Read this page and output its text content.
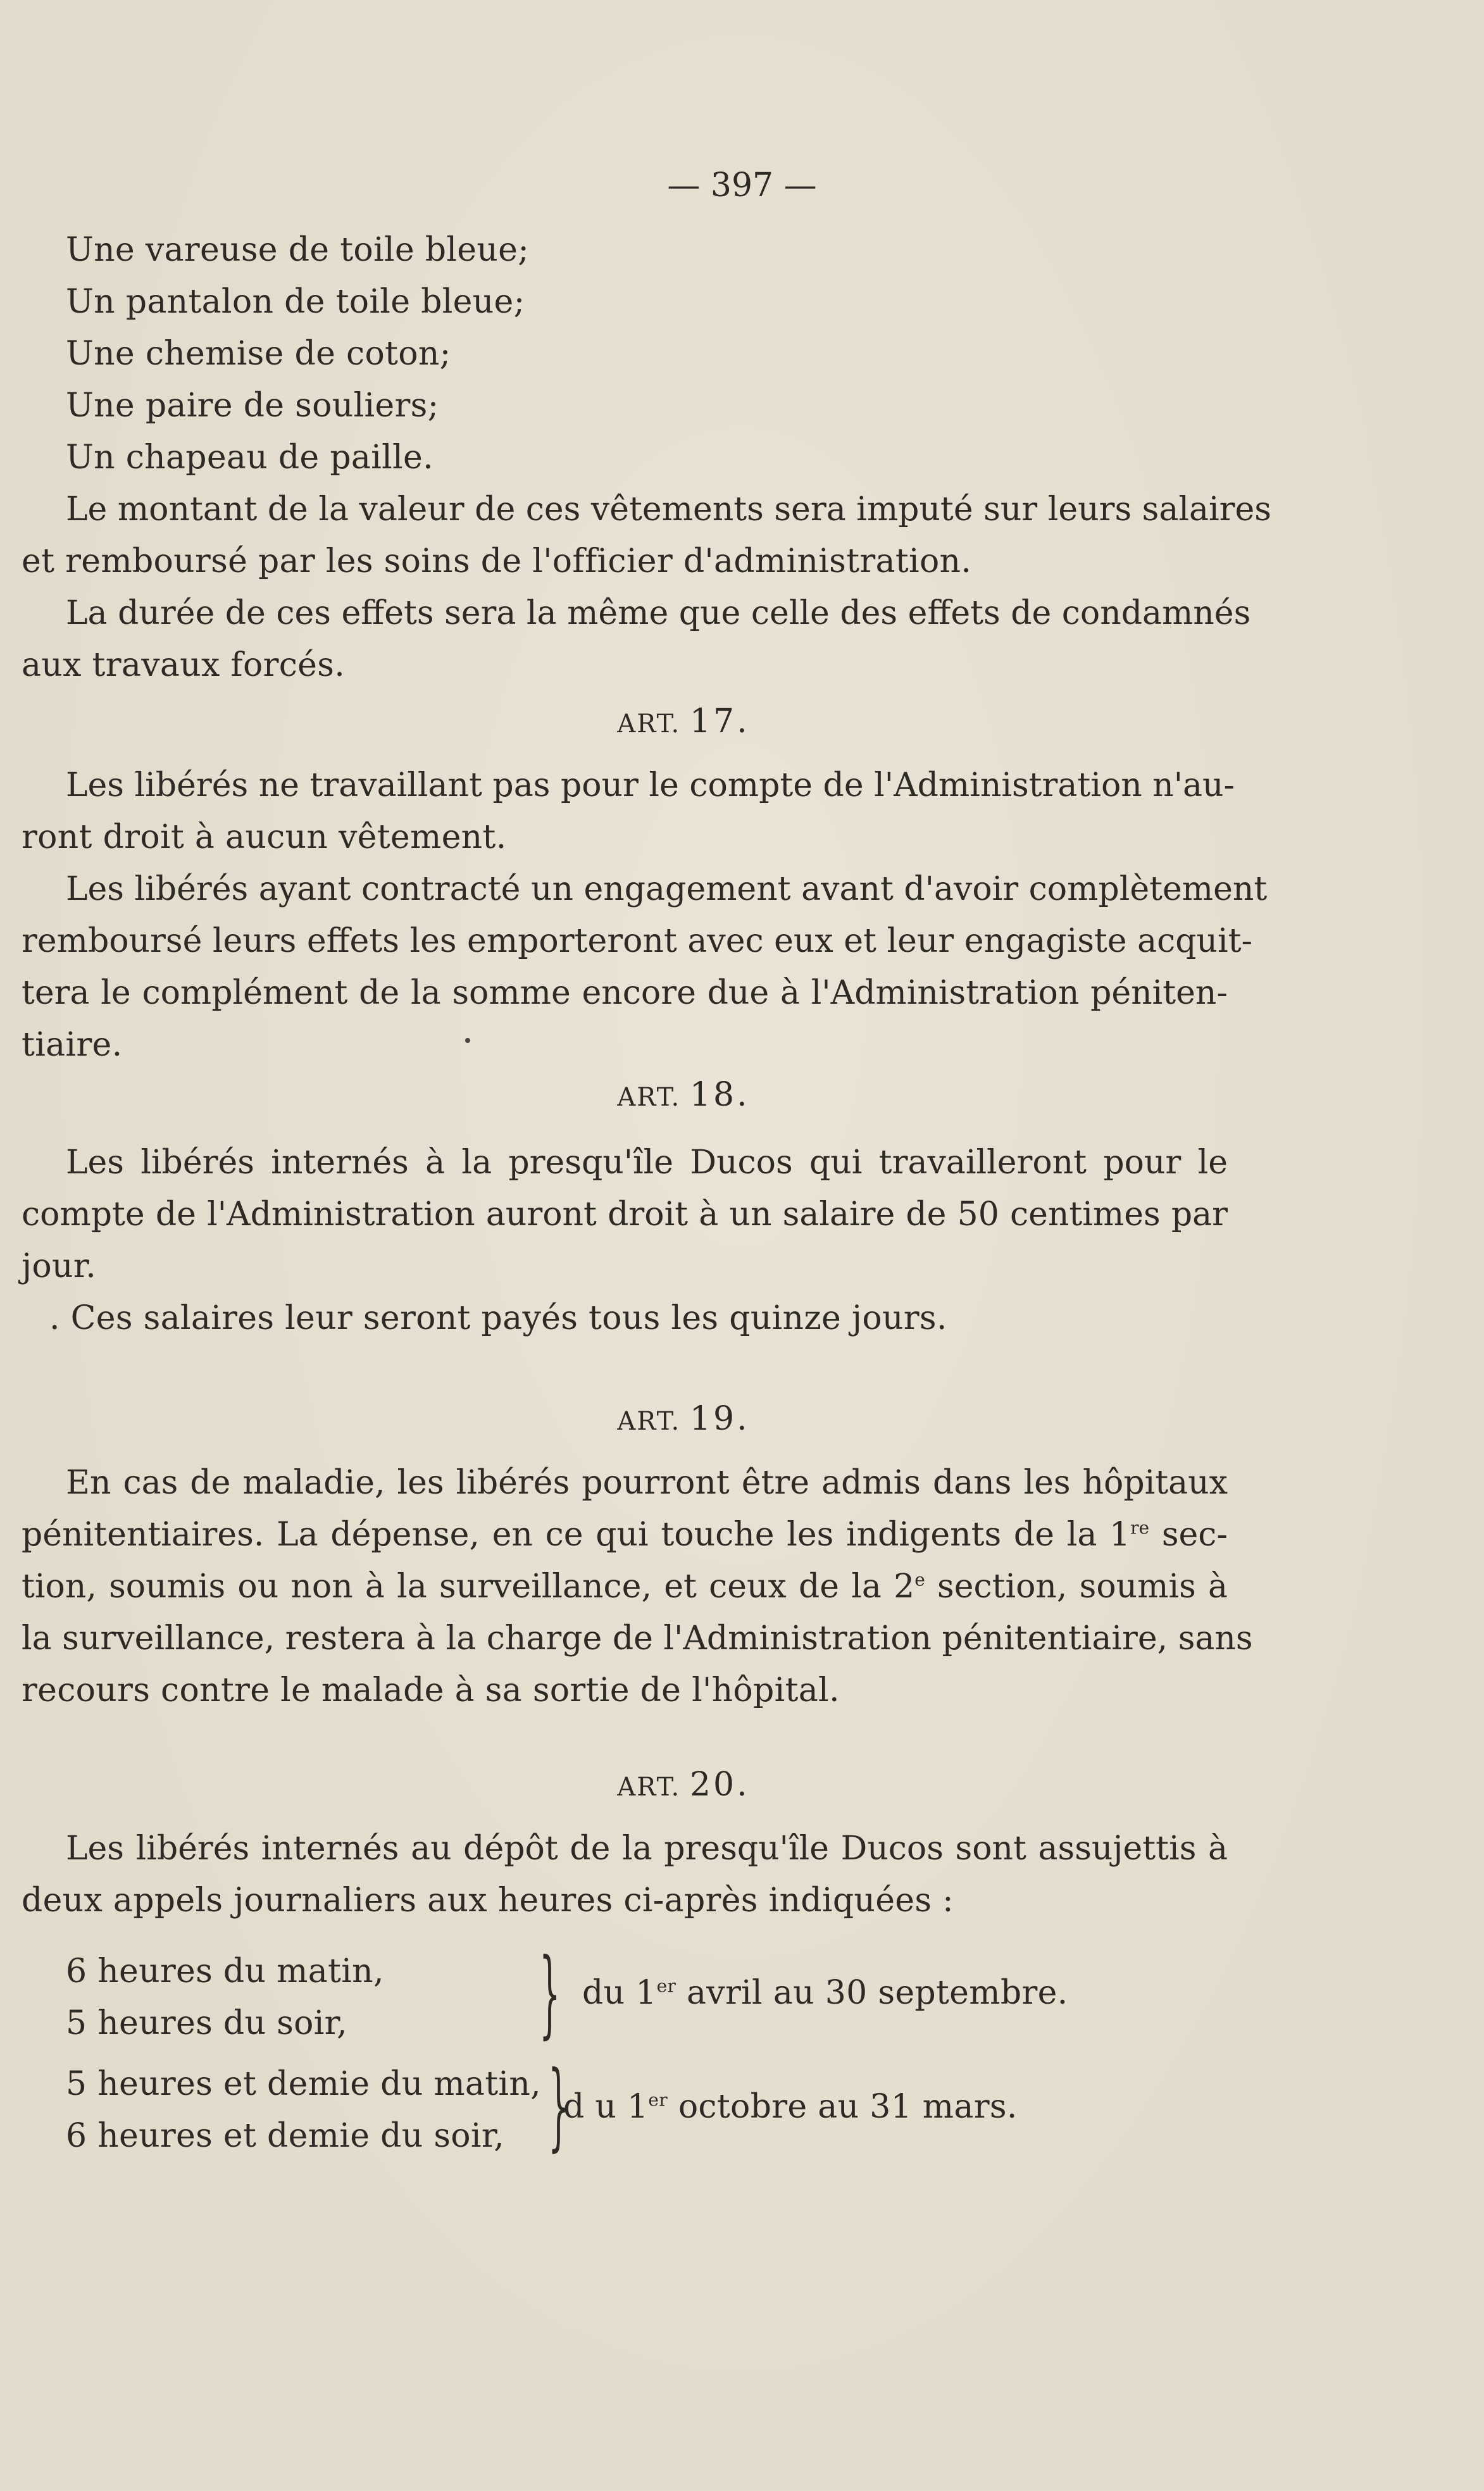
— 397 —
Une vareuse de toile bleue;
Un pantalon de toile bleue;
Une chemise de coton;
Une paire de souliers;
Un chapeau de paille.
Le montant de la valeur de ces vêtements sera imputé sur leurs salaires
et remboursé par les soins de l'officier d'administration.
La durée de ces effets sera la même que celle des effets de condamnés
aux travaux forcés.
ART. 17.
Les libérés ne travaillant pas pour le compte de l'Administration n'au-
ront droit à aucun vêtement.
Les libérés ayant contracté un engagement avant d'avoir complètement
remboursé leurs effets les emporteront avec eux et leur engagiste acquit-
tera le complément de la somme encore due à l'Administration péniten-
tiaire.
ART. 18.
Les libérés internés à la presqu'île Ducos qui travailleront pour le
compte de l'Administration auront droit à un salaire de 50 centimes par
jour.
. Ces salaires leur seront payés tous les quinze jours.
ART. 19.
En cas de maladie, les libérés pourront être admis dans les hôpitaux
pénitentiaires. La dépense, en ce qui touche les indigents de la 1re sec-
tion, soumis ou non à la surveillance, et ceux de la 2e section, soumis à
la surveillance, restera à la charge de l'Administration pénitentiaire, sans
recours contre le malade à sa sortie de l'hôpital.
ART. 20.
Les libérés internés au dépôt de la presqu'île Ducos sont assujettis à
deux appels journaliers aux heures ci-après indiquées :
6 heures du matin,
5 heures du soir, } du 1er avril au 30 septembre.
5 heures et demie du matin,
6 heures et demie du soir, }
d u 1er octobre au 31 mars.
